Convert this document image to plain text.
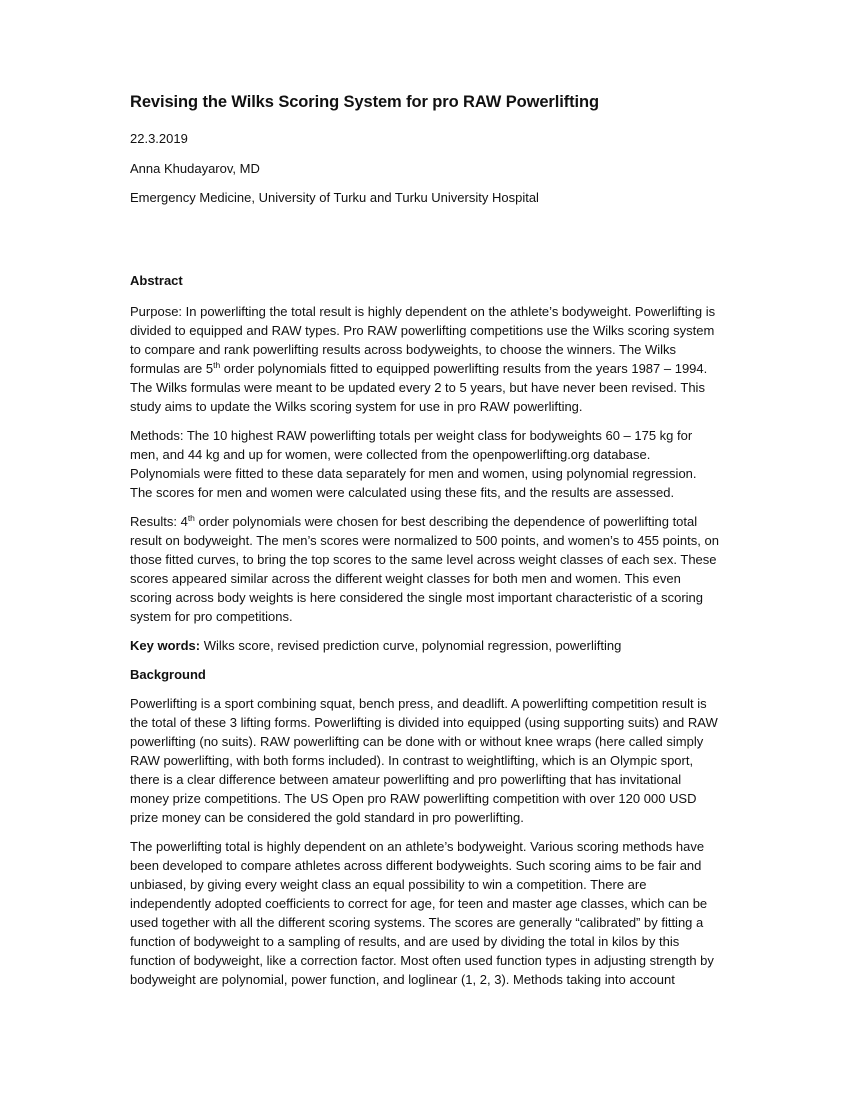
Revising the Wilks Scoring System for pro RAW Powerlifting
22.3.2019
Anna Khudayarov, MD
Emergency Medicine, University of Turku and Turku University Hospital
Abstract

Purpose: In powerlifting the total result is highly dependent on the athlete’s bodyweight. Powerlifting is divided to equipped and RAW types. Pro RAW powerlifting competitions use the Wilks scoring system to compare and rank powerlifting results across bodyweights, to choose the winners. The Wilks formulas are 5th order polynomials fitted to equipped powerlifting results from the years 1987 – 1994. The Wilks formulas were meant to be updated every 2 to 5 years, but have never been revised. This study aims to update the Wilks scoring system for use in pro RAW powerlifting.

Methods: The 10 highest RAW powerlifting totals per weight class for bodyweights 60 – 175 kg for men, and 44 kg and up for women, were collected from the openpowerlifting.org database. Polynomials were fitted to these data separately for men and women, using polynomial regression. The scores for men and women were calculated using these fits, and the results are assessed.

Results: 4th order polynomials were chosen for best describing the dependence of powerlifting total result on bodyweight. The men’s scores were normalized to 500 points, and women’s to 455 points, on those fitted curves, to bring the top scores to the same level across weight classes of each sex. These scores appeared similar across the different weight classes for both men and women. This even scoring across body weights is here considered the single most important characteristic of a scoring system for pro competitions.

Key words: Wilks score, revised prediction curve, polynomial regression, powerlifting

Background

Powerlifting is a sport combining squat, bench press, and deadlift. A powerlifting competition result is the total of these 3 lifting forms. Powerlifting is divided into equipped (using supporting suits) and RAW powerlifting (no suits). RAW powerlifting can be done with or without knee wraps (here called simply RAW powerlifting, with both forms included). In contrast to weightlifting, which is an Olympic sport, there is a clear difference between amateur powerlifting and pro powerlifting that has invitational money prize competitions. The US Open pro RAW powerlifting competition with over 120 000 USD prize money can be considered the gold standard in pro powerlifting.

The powerlifting total is highly dependent on an athlete’s bodyweight. Various scoring methods have been developed to compare athletes across different bodyweights. Such scoring aims to be fair and unbiased, by giving every weight class an equal possibility to win a competition. There are independently adopted coefficients to correct for age, for teen and master age classes, which can be used together with all the different scoring systems. The scores are generally “calibrated” by fitting a function of bodyweight to a sampling of results, and are used by dividing the total in kilos by this function of bodyweight, like a correction factor. Most often used function types in adjusting strength by bodyweight are polynomial, power function, and loglinear (1, 2, 3). Methods taking into account
